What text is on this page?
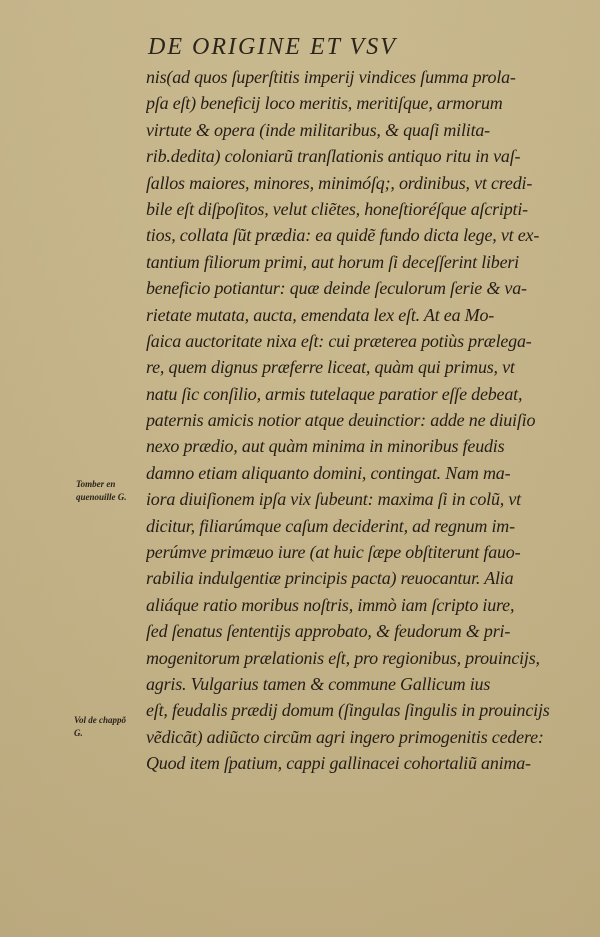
DE ORIGINE ET VSV
nis(ad quos ſuperſtitis imperij vindices ſumma prola-
pſa eſt) beneficij loco meritis, meritiſque, armorum
virtute & opera (inde militaribus, & quaſi milita-
rib.dedita) coloniarũ tranſlationis antiquo ritu in vaſ-
ſallos maiores, minores, minimóſq;, ordinibus, vt credi-
bile eſt diſpoſitos, velut cliẽtes, honeſtioréſque aſcripti-
tios, collata ſũt prædia: ea quidẽ fundo dicta lege, vt ex-
tantium filiorum primi, aut horum ſi deceſſerint liberi
beneficio potiantur: quæ deinde ſeculorum ſerie & va-
rietate mutata, aucta, emendata lex eſt. At ea Mo-
ſaica auctoritate nixa eſt: cui præterea potiùs prælega-
re, quem dignus præferre liceat, quàm qui primus, vt
natu ſic conſilio, armis tutelaque paratior eſſe debeat,
paternis amicis notior atque deuinctior: adde ne diuiſio
nexo prædio, aut quàm minima in minoribus feudis
damno etiam aliquanto domini, contingat. Nam ma-
iora diuiſionem ipſa vix ſubeunt: maxima ſi in colũ, vt
dicitur, filiarúmque caſum deciderint, ad regnum im-
perúmve primæuo iure (at huic ſæpe obſtiterunt fauo-
rabilia indulgentiæ principis pacta) reuocantur. Alia
aliáque ratio moribus noſtris, immò iam ſcripto iure,
ſed ſenatus ſententijs approbato, & feudorum & pri-
mogenitorum prælationis eſt, pro regionibus, prouincijs,
agris. Vulgarius tamen & commune Gallicum ius
eſt, feudalis prædij domum (ſingulas ſingulis in prouincijs
vẽdicãt) adiũcto circũm agri ingero primogenitis cedere:
Quod item ſpatium, cappi gallinacei cohortaliũ anima-
Tomber en
quenouille G.
Vol de chappõ
G.
